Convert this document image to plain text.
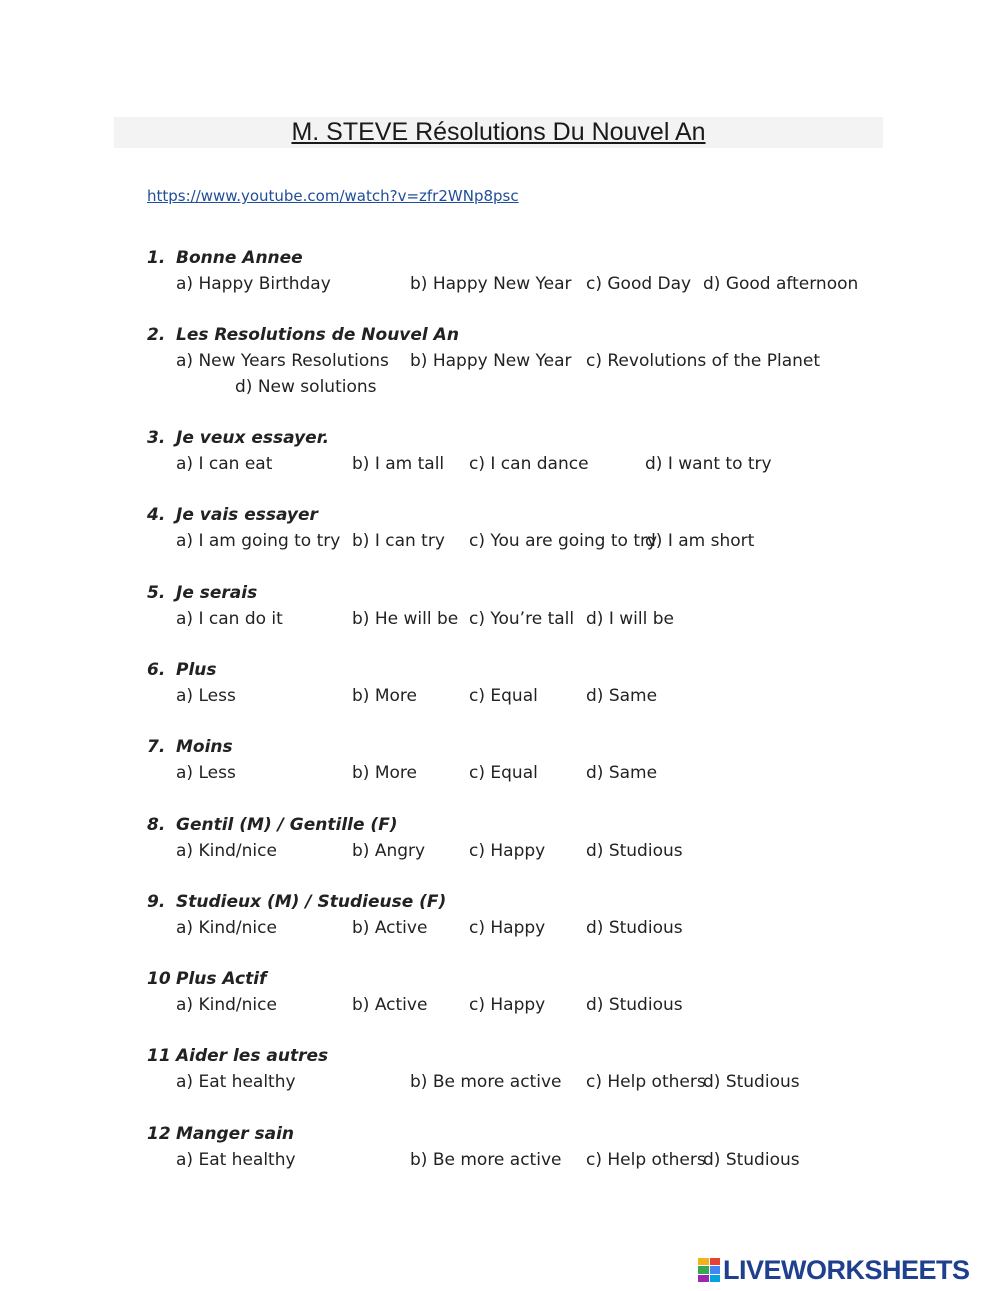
M. STEVE Résolutions Du Nouvel An
https://www.youtube.com/watch?v=zfr2WNp8psc
1. Bonne Annee
a) Happy Birthday	b) Happy New Year c) Good Day d) Good afternoon
2. Les Resolutions de Nouvel An
a) New Years Resolutions b) Happy New Year c) Revolutions of the Planet
d) New solutions
3. Je veux essayer.
a) I can eat	b) I am tall c) I can dance	d) I want to try
4. Je vais essayer
a) I am going to try b) I can try c) You are going to try
d) I am short
5. Je serais
a) I can do it	b) He will be c) You’re tall d) I will be
6. Plus
a) Less	b) More	c) Equal	d) Same
7. Moins
a) Less	b) More	c) Equal	d) Same
8. Gentil (M) / Gentille (F)
a) Kind/nice	b) Angry	c) Happy d) Studious
9. Studieux (M) / Studieuse (F)
a) Kind/nice	b) Active c) Happy d) Studious
10 Plus Actif
a) Kind/nice	b) Active c) Happy d) Studious
11 Aider les autres
a) Eat healthy	b) Be more active c) Help others
d) Studious
12 Manger sain
a) Eat healthy	b) Be more active c) Help others
d) Studious
LIVEWORKSHEETS
